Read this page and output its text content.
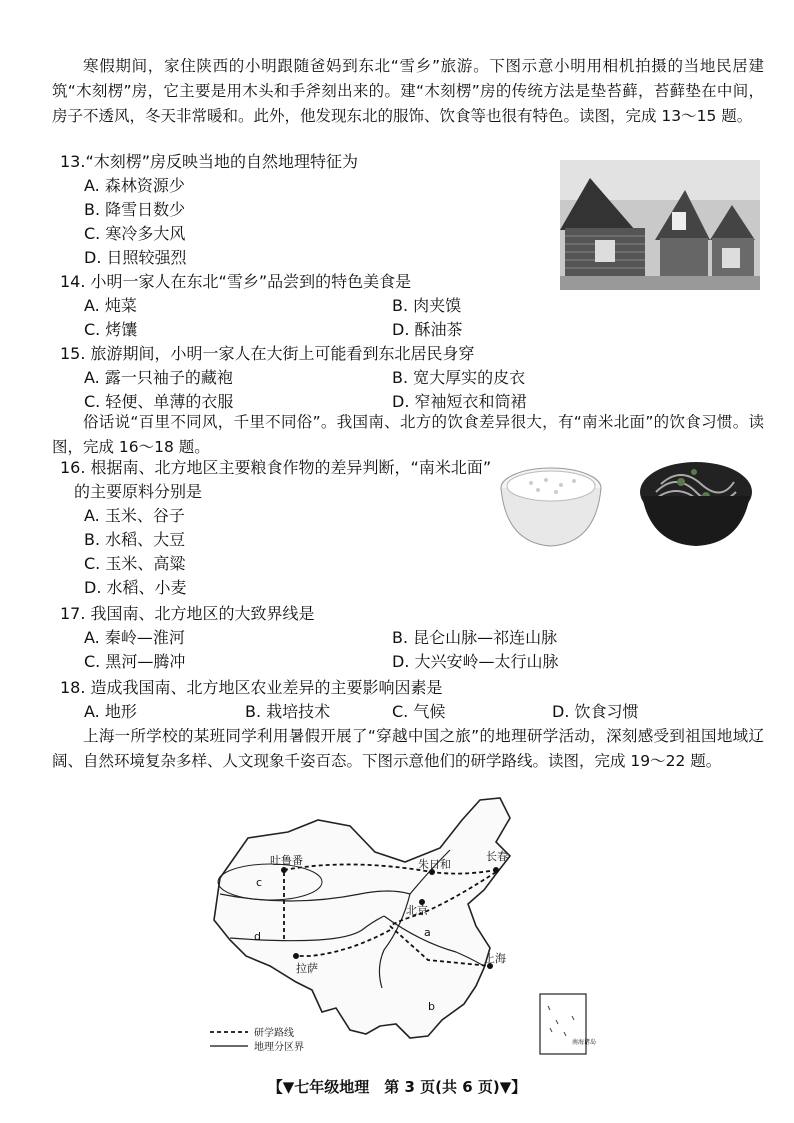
寒假期间，家住陕西的小明跟随爸妈到东北“雪乡”旅游。下图示意小明用相机拍摄的当地民居建筑“木刻楞”房，它主要是用木头和手斧刻出来的。建“木刻楞”房的传统方法是垫苔藓，苔藓垫在中间，房子不透风，冬天非常暖和。此外，他发现东北的服饰、饮食等也很有特色。读图，完成 13～15 题。
13.“木刻楞”房反映当地的自然地理特征为
A. 森林资源少
B. 降雪日数少
C. 寒冷多大风
D. 日照较强烈
14. 小明一家人在东北“雪乡”品尝到的特色美食是
A. 炖菜	B. 肉夹馍
C. 烤馕	D. 酥油茶
15. 旅游期间，小明一家人在大街上可能看到东北居民身穿
A. 露一只袖子的藏袍	B. 宽大厚实的皮衣
C. 轻便、单薄的衣服	D. 窄袖短衣和筒裙
俗话说“百里不同风，千里不同俗”。我国南、北方的饮食差异很大，有“南米北面”的饮食习惯。读图，完成 16～18 题。
16. 根据南、北方地区主要粮食作物的差异判断，“南米北面”
的主要原料分别是
A. 玉米、谷子
B. 水稻、大豆
C. 玉米、高粱
D. 水稻、小麦
17. 我国南、北方地区的大致界线是
A. 秦岭—淮河	B. 昆仑山脉—祁连山脉
C. 黑河—腾冲	D. 大兴安岭—太行山脉
18. 造成我国南、北方地区农业差异的主要影响因素是
A. 地形	B. 栽培技术	C. 气候	D. 饮食习惯
上海一所学校的某班同学利用暑假开展了“穿越中国之旅”的地理研学活动，深刻感受到祖国地域辽阔、自然环境复杂多样、人文现象千姿百态。下图示意他们的研学路线。读图，完成 19～22 题。
吐鲁番	朱日和
长春
北京
拉萨
上海
a
b
c
d
南海诸岛
研学路线
地理分区界
【▼七年级地理　第 3 页(共 6 页)▼】
